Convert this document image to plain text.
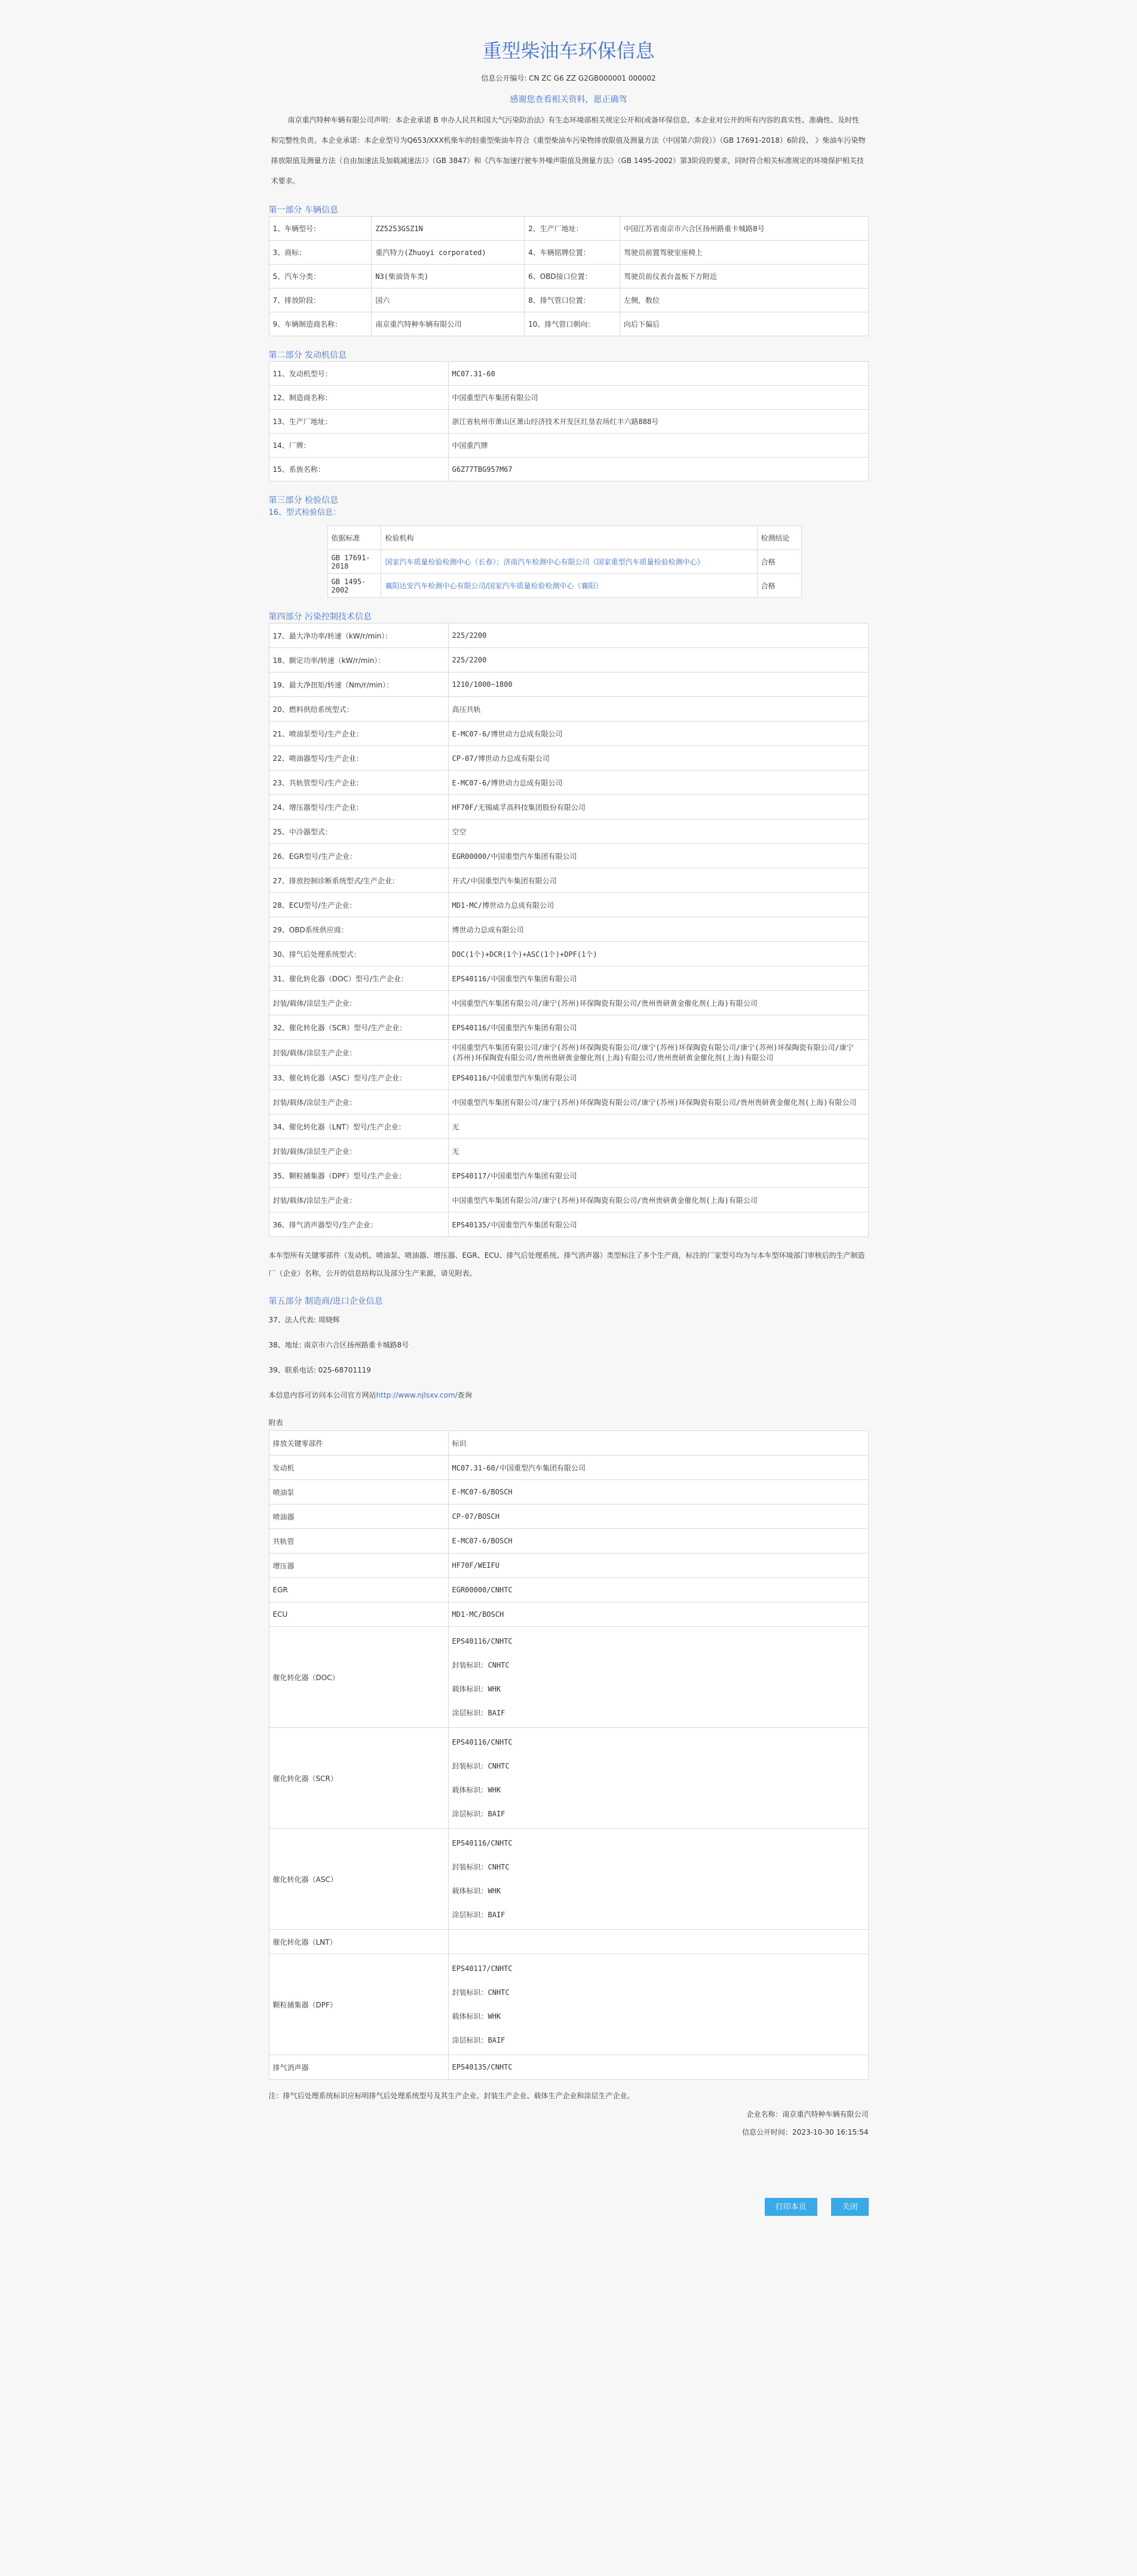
重型柴油车环保信息
信息公开编号: CN ZC G6 ZZ G2GB000001 000002
感谢您查看相关资料，愿正确驾

南京重汽特种车辆有限公司声明：本企业承诺 B 申办人民共和国大气污染防治法》有生态环境部相关规定公开和(或备环保信息，本企业对公开的所有内容的真实性、准确性、及时性和完整性负责。本企业承诺：本企业型号为Q653/XXX机柴车的轻重型柴油车符合《重型柴油车污染物排放限值及测量方法（中国第六阶段）》（GB 17691-2018）6阶段、 》柴油车污染物排放限值及测量方法（自由加速法及加载减速法）》（GB 3847）和《汽车加速行驶车外噪声限值及测量方法》（GB 1495-2002）第3阶段的要求，同时符合相关标准规定的环境保护相关技术要求。

第一部分 车辆信息
1、车辆型号：	ZZ5253GSZ1N	2、生产厂地址：	中国江苏省南京市六合区扬州路重卡城路8号
3、商标：	重汽特力(Zhuoyi corporated)	4、车辆铭牌位置：	驾驶员前置驾驶室座椅上
5、汽车分类：	N3(柴油货车类)	6、OBD接口位置：	驾驶员前仪表台盖板下方附近
7、排放阶段：	国六	8、排气管口位置：	左侧，数位
9、车辆制造商名称：	南京重汽特种车辆有限公司	10、排气管口朝向：	向后下偏后
第二部分 发动机信息
11、发动机型号：	MC07.31-60
12、制造商名称：	中国重型汽车集团有限公司
13、生产厂地址：	浙江省杭州市萧山区萧山经济技术开发区红垦农场红丰六路888号
14、厂牌：	中国重汽牌
15、系族名称：	G6Z77TBG957M67
第三部分 检验信息
16、型式检验信息：
依据标准	检验机构	检测结论
GB 17691-2018	国家汽车质量检验检测中心（长春）；济南汽车检测中心有限公司《国家重型汽车质量检验检测中心》	合格
GB 1495-2002	襄阳达安汽车检测中心有限公司/国家汽车质量检验检测中心（襄阳）	合格
第四部分 污染控制技术信息
17、最大净功率/转速（kW/r/min）：	225/2200
18、额定功率/转速（kW/r/min）：	225/2200
19、最大净扭矩/转速（Nm/r/min）：	1210/1000~1800
20、燃料供给系统型式：	高压共轨
21、喷油泵型号/生产企业：	E-MC07-6/博世动力总成有限公司
22、喷油器型号/生产企业：	CP-07/博世动力总成有限公司
23、共轨管型号/生产企业：	E-MC07-6/博世动力总成有限公司
24、增压器型号/生产企业：	HF70F/无锡威孚高科技集团股份有限公司
25、中冷器型式：	空空
26、EGR型号/生产企业：	EGR00000/中国重型汽车集团有限公司
27、排放控制诊断系统型式/生产企业：	开式/中国重型汽车集团有限公司
28、ECU型号/生产企业：	MD1-MC/博世动力总成有限公司
29、OBD系统供应商：	博世动力总成有限公司
30、排气后处理系统型式：	DOC(1个)+DCR(1个)+ASC(1个)+DPF(1个)
31、催化转化器（DOC）型号/生产企业：	EPS40116/中国重型汽车集团有限公司
封装/载体/涂层生产企业：	中国重型汽车集团有限公司/康宁(苏州)环保陶瓷有限公司/贵州贵研黄金催化剂(上海)有限公司
32、催化转化器（SCR）型号/生产企业：	EPS40116/中国重型汽车集团有限公司
封装/载体/涂层生产企业：	中国重型汽车集团有限公司/康宁(苏州)环保陶瓷有限公司/康宁(苏州)环保陶瓷有限公司/康宁(苏州)环保陶瓷有限公司/康宁(苏州)环保陶瓷有限公司/贵州贵研黄金催化剂(上海)有限公司/贵州贵研黄金催化剂(上海)有限公司
33、催化转化器（ASC）型号/生产企业：	EPS40116/中国重型汽车集团有限公司
封装/载体/涂层生产企业：	中国重型汽车集团有限公司/康宁(苏州)环保陶瓷有限公司/康宁(苏州)环保陶瓷有限公司/贵州贵研黄金催化剂(上海)有限公司
34、催化转化器（LNT）型号/生产企业：	无
封装/载体/涂层生产企业：	无
35、颗粒捕集器（DPF）型号/生产企业：	EPS40117/中国重型汽车集团有限公司
封装/载体/涂层生产企业：	中国重型汽车集团有限公司/康宁(苏州)环保陶瓷有限公司/贵州贵研黄金催化剂(上海)有限公司
36、排气消声器型号/生产企业：	EPS40135/中国重型汽车集团有限公司

本车型所有关键零部件（发动机、喷油泵、喷油器、增压器、EGR、ECU、排气后处理系统、排气消声器）类型标注了多个生产商，标注的厂家型号均为与本车型环境部门审核后的生产制造厂（企业）名称，公开的信息结构以及部分生产来源，请见附表。

第五部分 制造商/进口企业信息
37、法人代表: 周晓辉
38、地址: 南京市六合区扬州路重卡城路8号
39、联系电话: 025-68701119
本信息内容可访问本公司官方网站http://www.njlsxv.com/查询
附表
排放关键零部件	标识
发动机	MC07.31-60/中国重型汽车集团有限公司

喷油泵	E-MC07-6/BOSCH

喷油器	CP-07/BOSCH

共轨管	E-MC07-6/BOSCH

增压器	HF70F/WEIFU

EGR	EGR00000/CNHTC

ECU	MD1-MC/BOSCH

催化转化器（DOC）	EPS40116/CNHTC
封装标识：CNHTC
载体标识：WHK
涂层标识：BAIF

催化转化器（SCR）	EPS40116/CNHTC
封装标识：CNHTC
载体标识：WHK
涂层标识：BAIF

催化转化器（ASC）	EPS40116/CNHTC
封装标识：CNHTC
载体标识：WHK
涂层标识：BAIF

催化转化器（LNT）	

颗粒捕集器（DPF）	EPS40117/CNHTC
封装标识：CNHTC
载体标识：WHK
涂层标识：BAIF

排气消声器	EPS40135/CNHTC
注：排气后处理系统标识应标明排气后处理系统型号及其生产企业、封装生产企业、载体生产企业和涂层生产企业。
企业名称：南京重汽特种车辆有限公司
信息公开时间：2023-10-30 16:15:54
打印本页	关闭
